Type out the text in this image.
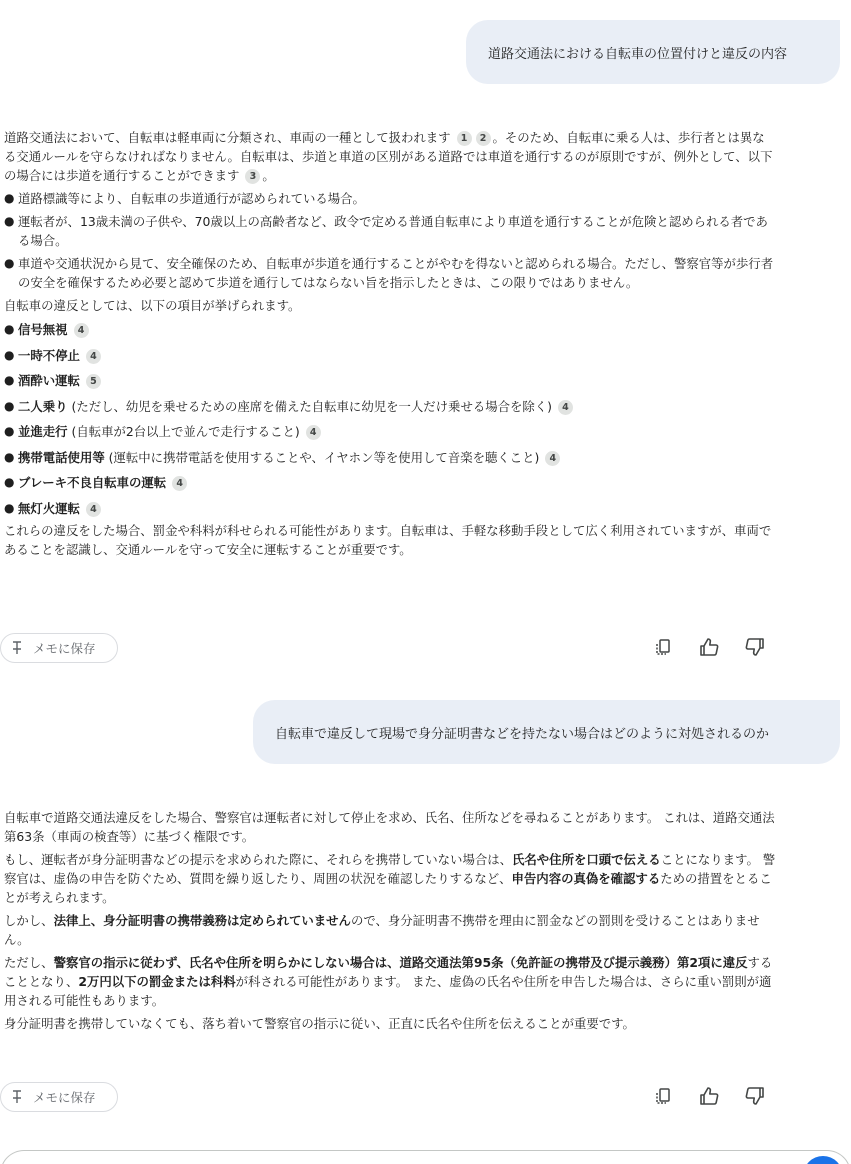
道路交通法における自転車の位置付けと違反の内容
道路交通法において、自転車は軽車両に分類され、車両の一種として扱われます 1 2 。そのため、自転車に乗る人は、歩行者とは異なる交通ルールを守らなければなりません。自転車は、歩道と車道の区別がある道路では車道を通行するのが原則ですが、例外として、以下の場合には歩道を通行することができます 3 。
● 道路標識等により、自転車の歩道通行が認められている場合。
● 運転者が、13歳未満の子供や、70歳以上の高齢者など、政令で定める普通自転車により車道を通行することが危険と認められる者である場合。
● 車道や交通状況から見て、安全確保のため、自転車が歩道を通行することがやむを得ないと認められる場合。ただし、警察官等が歩行者の安全を確保するため必要と認めて歩道を通行してはならない旨を指示したときは、この限りではありません。
自転車の違反としては、以下の項目が挙げられます。
● 信号無視 4
● 一時不停止 4
● 酒酔い運転 5
● 二人乗り (ただし、幼児を乗せるための座席を備えた自転車に幼児を一人だけ乗せる場合を除く) 4
● 並進走行 (自転車が2台以上で並んで走行すること) 4
● 携帯電話使用等 (運転中に携帯電話を使用することや、イヤホン等を使用して音楽を聴くこと) 4
● ブレーキ不良自転車の運転 4
● 無灯火運転 4
これらの違反をした場合、罰金や科料が科せられる可能性があります。自転車は、手軽な移動手段として広く利用されていますが、車両であることを認識し、交通ルールを守って安全に運転することが重要です。
メモに保存
自転車で違反して現場で身分証明書などを持たない場合はどのように対処されるのか
自転車で道路交通法違反をした場合、警察官は運転者に対して停止を求め、氏名、住所などを尋ねることがあります。 これは、道路交通法第63条（車両の検査等）に基づく権限です。
もし、運転者が身分証明書などの提示を求められた際に、それらを携帯していない場合は、氏名や住所を口頭で伝えることになります。 警察官は、虚偽の申告を防ぐため、質問を繰り返したり、周囲の状況を確認したりするなど、申告内容の真偽を確認するための措置をとることが考えられます。
しかし、法律上、身分証明書の携帯義務は定められていませんので、身分証明書不携帯を理由に罰金などの罰則を受けることはありません。
ただし、警察官の指示に従わず、氏名や住所を明らかにしない場合は、道路交通法第95条（免許証の携帯及び提示義務）第2項に違反することとなり、2万円以下の罰金または科料が科される可能性があります。 また、虚偽の氏名や住所を申告した場合は、さらに重い罰則が適用される可能性もあります。
身分証明書を携帯していなくても、落ち着いて警察官の指示に従い、正直に氏名や住所を伝えることが重要です。
メモに保存
